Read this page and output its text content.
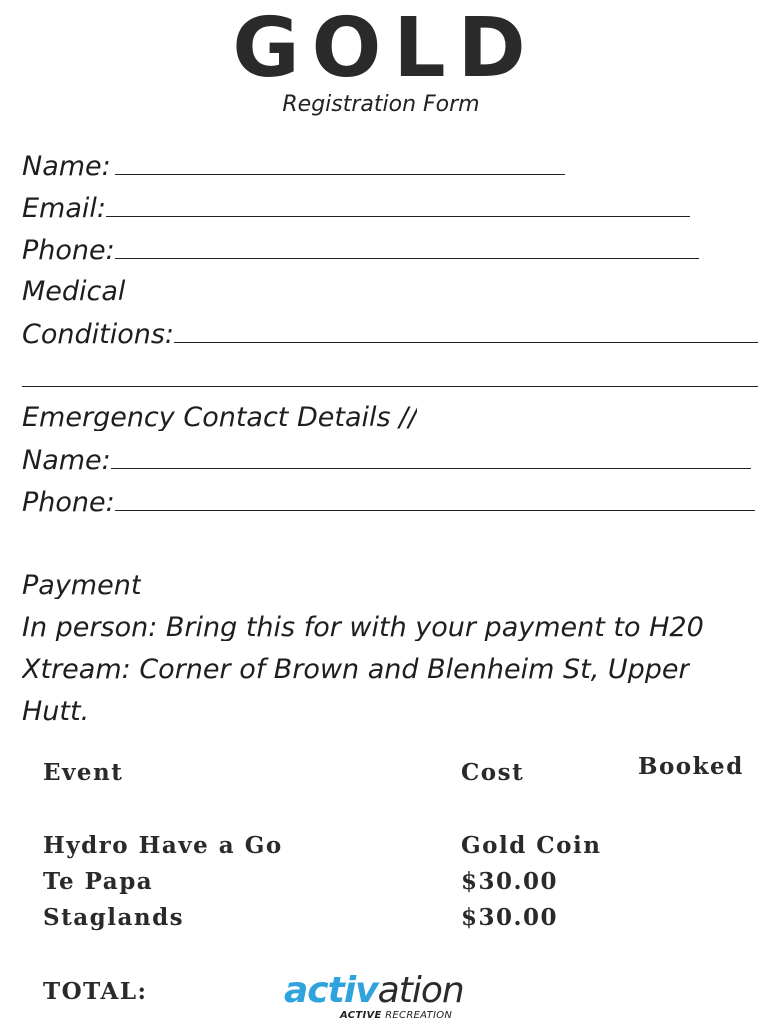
GOLD
Registration Form
Name:
Email:
Phone:
Medical
Conditions:
Emergency Contact Details //
Name:
Phone:
Payment
In person: Bring this for with your payment to H20
Xtream: Corner of Brown and Blenheim St, Upper
Hutt.
Event	Cost	Booked
Hydro Have a Go	Gold Coin
Te Papa	$30.00
Staglands	$30.00
TOTAL:	activation
ACTIVE RECREATION
